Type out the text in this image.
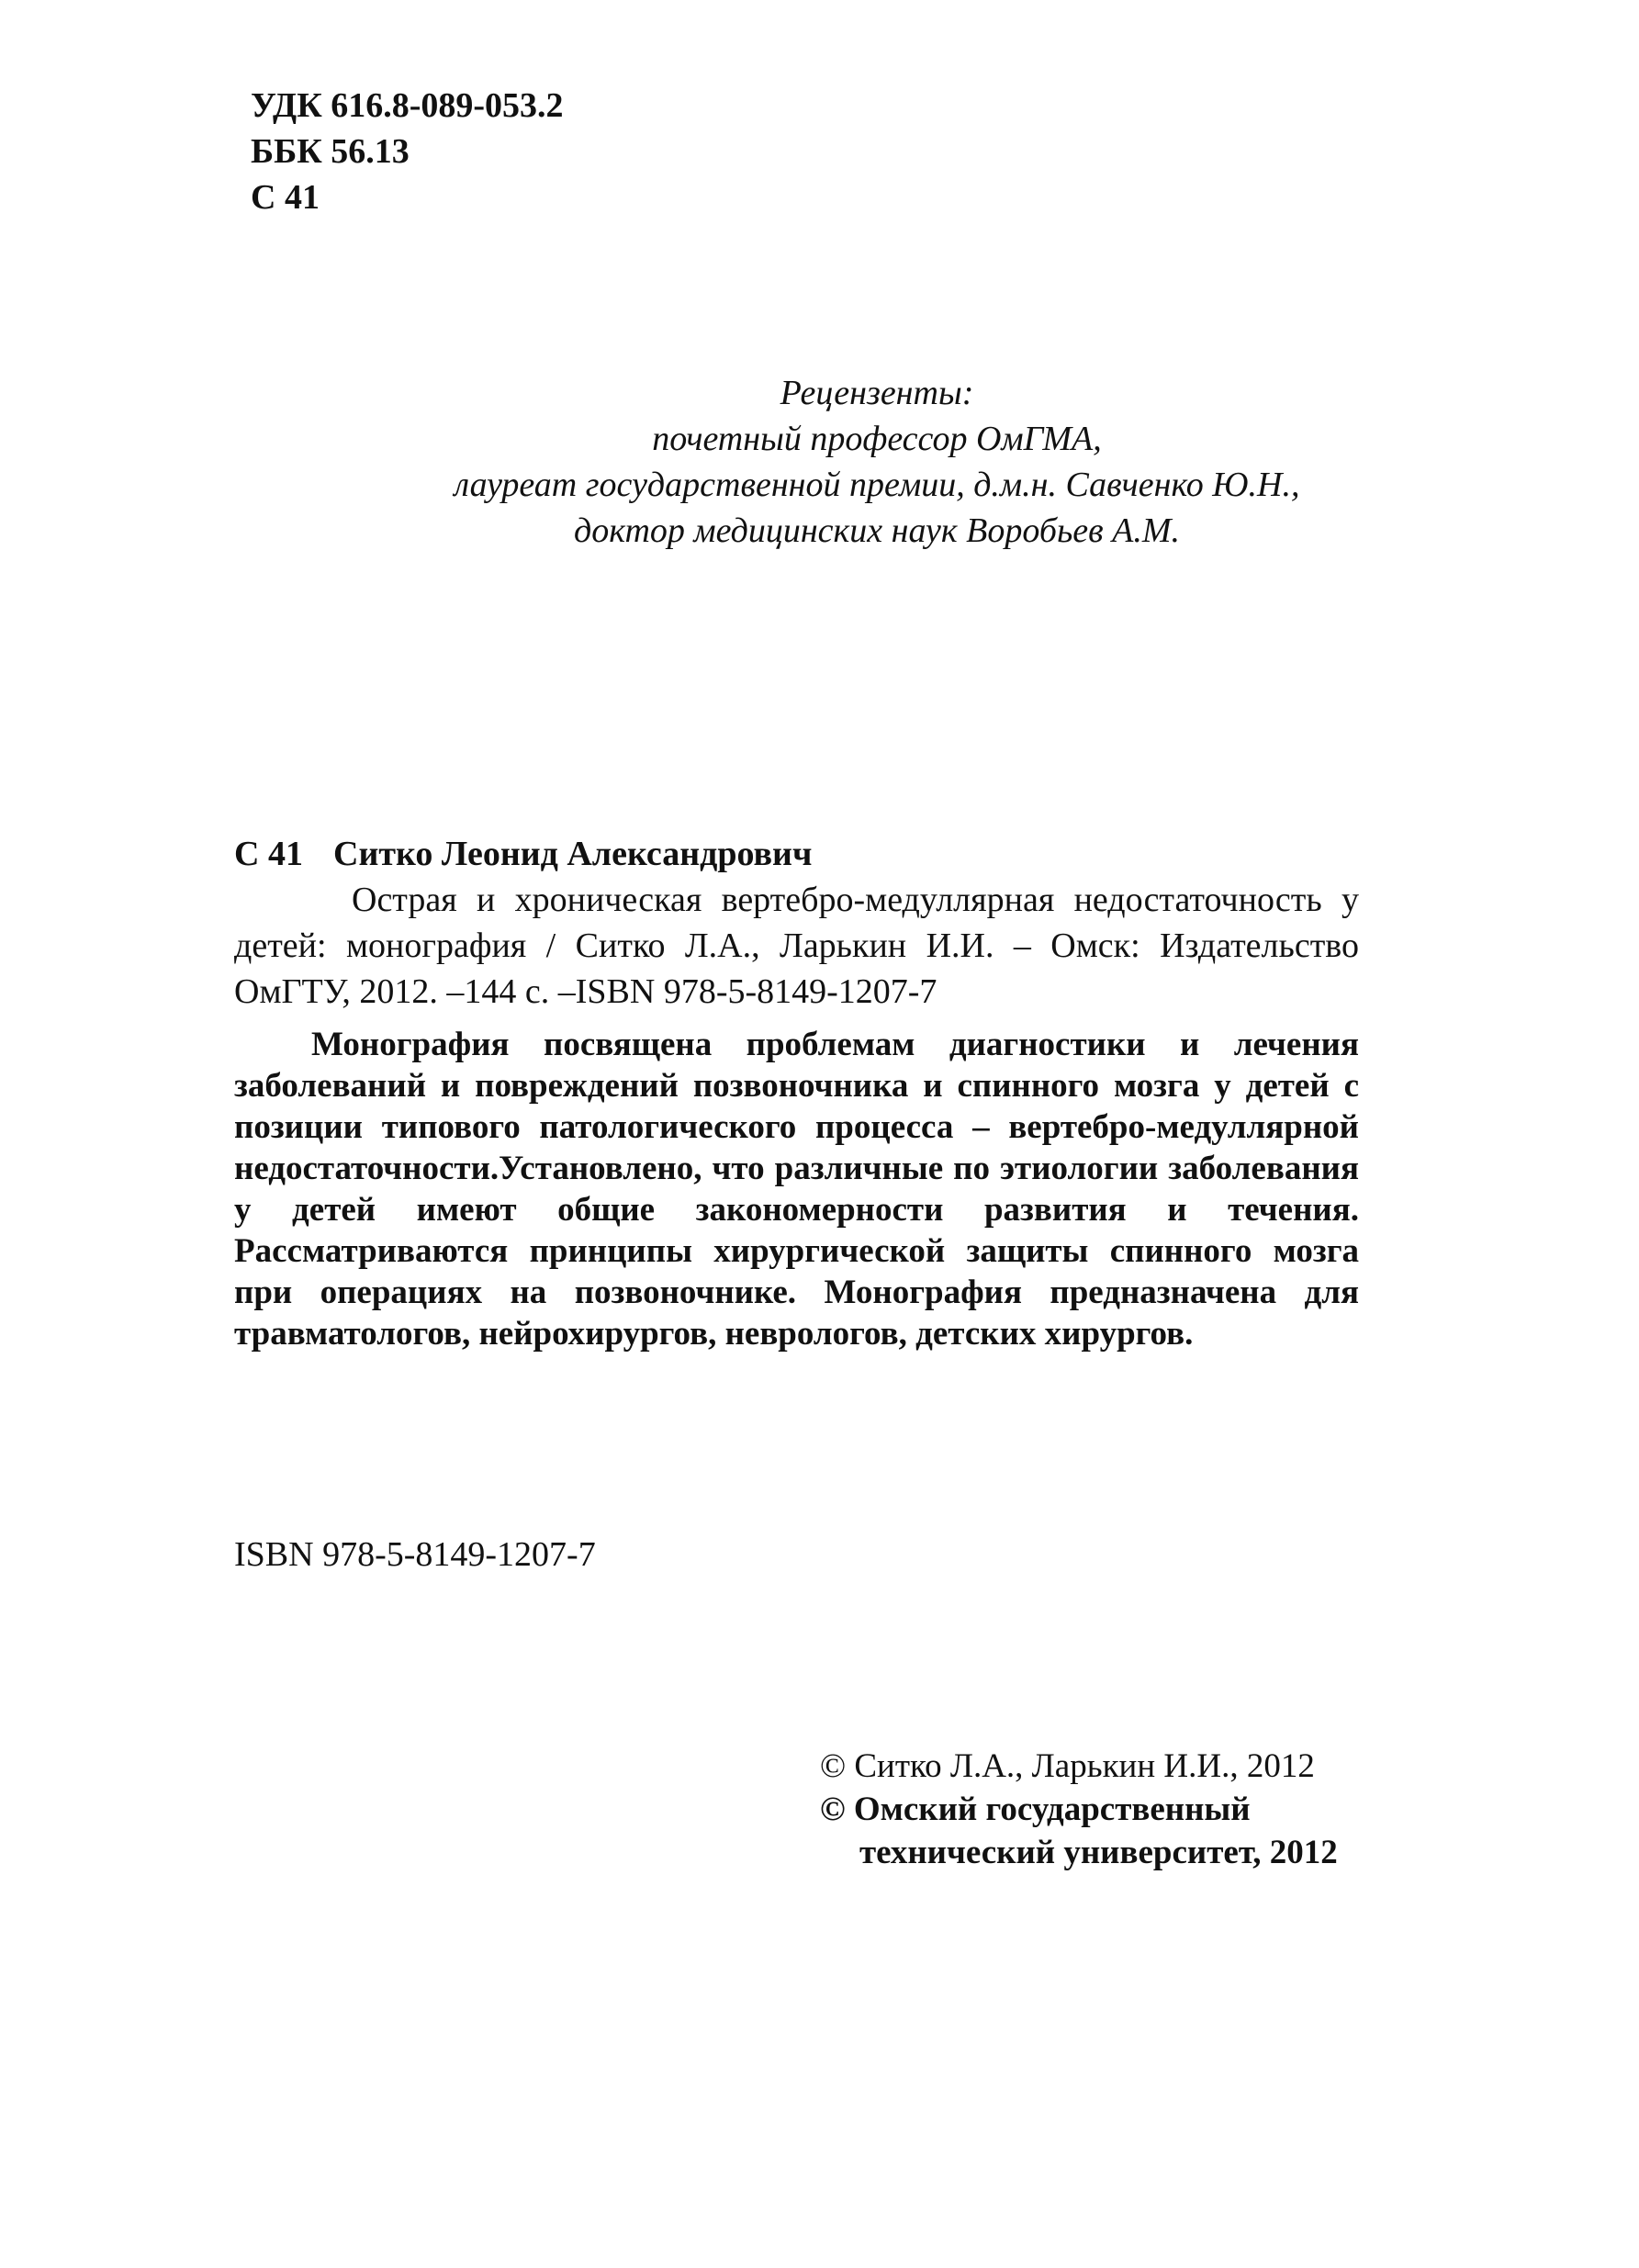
УДК 616.8-089-053.2
ББК 56.13
С 41
Рецензенты:
почетный профессор ОмГМА,
лауреат государственной премии, д.м.н. Савченко Ю.Н.,
доктор медицинских наук Воробьев А.М.
С 41 Ситко Леонид Александрович
Острая и хроническая вертебро-медуллярная недостаточность у детей: монография / Ситко Л.А., Ларькин И.И. – Омск: Издательство ОмГТУ, 2012. –144 с. –ISBN 978-5-8149-1207-7
Монография посвящена проблемам диагностики и лечения заболеваний и повреждений позвоночника и спинного мозга у детей с позиции типового патологического процесса – вертебро-медуллярной недостаточности.Установлено, что различные по этиологии заболевания у детей имеют общие закономерности развития и течения. Рассматриваются принципы хирургической защиты спинного мозга при операциях на позвоночнике. Монография предназначена для травматологов, нейрохирургов, неврологов, детских хирургов.
ISBN 978-5-8149-1207-7
© Ситко Л.А., Ларькин И.И., 2012
© Омский государственный
технический университет, 2012
